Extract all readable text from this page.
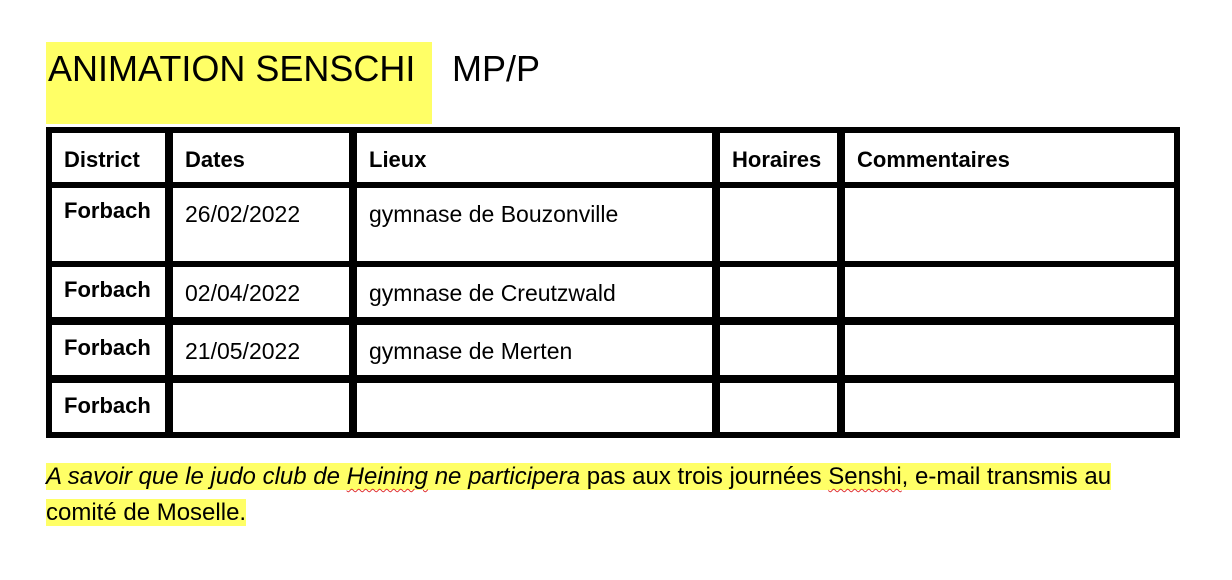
ANIMATION SENSCHI	MP/P
District	Dates	Lieux	Horaires	Commentaires
Forbach	26/02/2022	gymnase de Bouzonville
Forbach	02/04/2022	gymnase de Creutzwald
Forbach	21/05/2022	gymnase de Merten
Forbach
A savoir que le judo club de Heining ne participera pas aux trois journées Senshi, e-mail transmis au comité de Moselle.
